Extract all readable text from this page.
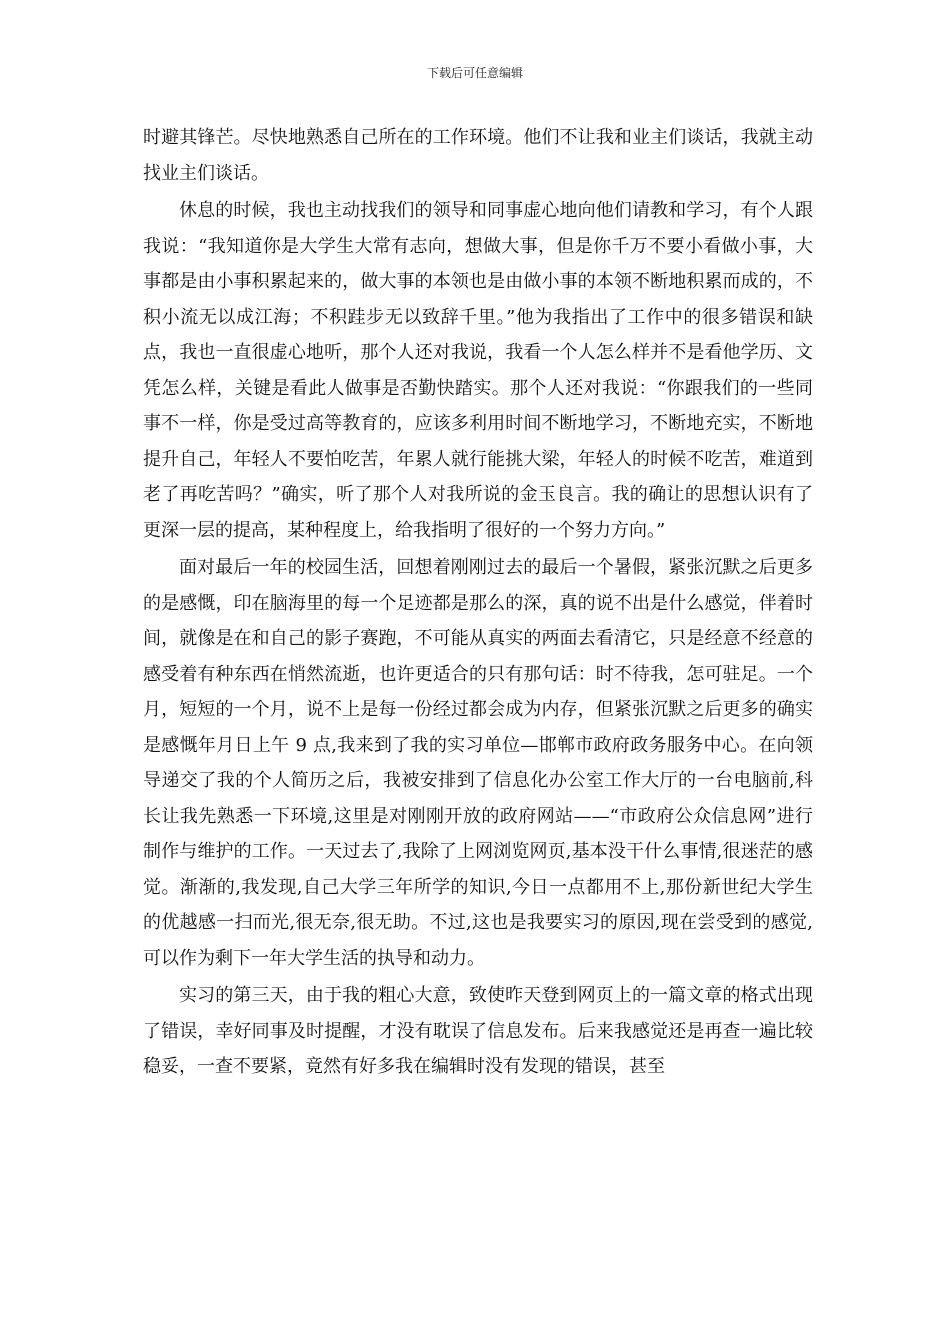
下载后可任意编辑

时避其锋芒。尽快地熟悉自己所在的工作环境。他们不让我和业主们谈话，我就主动找业主们谈话。

休息的时候，我也主动找我们的领导和同事虚心地向他们请教和学习，有个人跟我说：“我知道你是大学生大常有志向，想做大事，但是你千万不要小看做小事，大事都是由小事积累起来的，做大事的本领也是由做小事的本领不断地积累而成的，不积小流无以成江海；不积跬步无以致辞千里。”他为我指出了工作中的很多错误和缺点，我也一直很虚心地听，那个人还对我说，我看一个人怎么样并不是看他学历、文凭怎么样，关键是看此人做事是否勤快踏实。那个人还对我说：“你跟我们的一些同事不一样，你是受过高等教育的，应该多利用时间不断地学习，不断地充实，不断地提升自己，年轻人不要怕吃苦，年累人就行能挑大梁，年轻人的时候不吃苦，难道到老了再吃苦吗？”确实，听了那个人对我所说的金玉良言。我的确让的思想认识有了更深一层的提高，某种程度上，给我指明了很好的一个努力方向。”

面对最后一年的校园生活，回想着刚刚过去的最后一个暑假，紧张沉默之后更多的是感慨，印在脑海里的每一个足迹都是那么的深，真的说不出是什么感觉，伴着时间，就像是在和自己的影子赛跑，不可能从真实的两面去看清它，只是经意不经意的感受着有种东西在悄然流逝，也许更适合的只有那句话：时不待我，怎可驻足。一个月，短短的一个月，说不上是每一份经过都会成为内存，但紧张沉默之后更多的确实是感慨年月日上午 9 点,我来到了我的实习单位—邯郸市政府政务服务中心。在向领导递交了我的个人简历之后，我被安排到了信息化办公室工作大厅的一台电脑前,科长让我先熟悉一下环境,这里是对刚刚开放的政府网站——“市政府公众信息网”进行制作与维护的工作。一天过去了,我除了上网浏览网页,基本没干什么事情,很迷茫的感觉。渐渐的,我发现,自己大学三年所学的知识,今日一点都用不上,那份新世纪大学生的优越感一扫而光,很无奈,很无助。不过,这也是我要实习的原因,现在尝受到的感觉,可以作为剩下一年大学生活的执导和动力。

实习的第三天，由于我的粗心大意，致使昨天登到网页上的一篇文章的格式出现了错误，幸好同事及时提醒，才没有耽误了信息发布。后来我感觉还是再查一遍比较稳妥，一查不要紧，竟然有好多我在编辑时没有发现的错误，甚至
